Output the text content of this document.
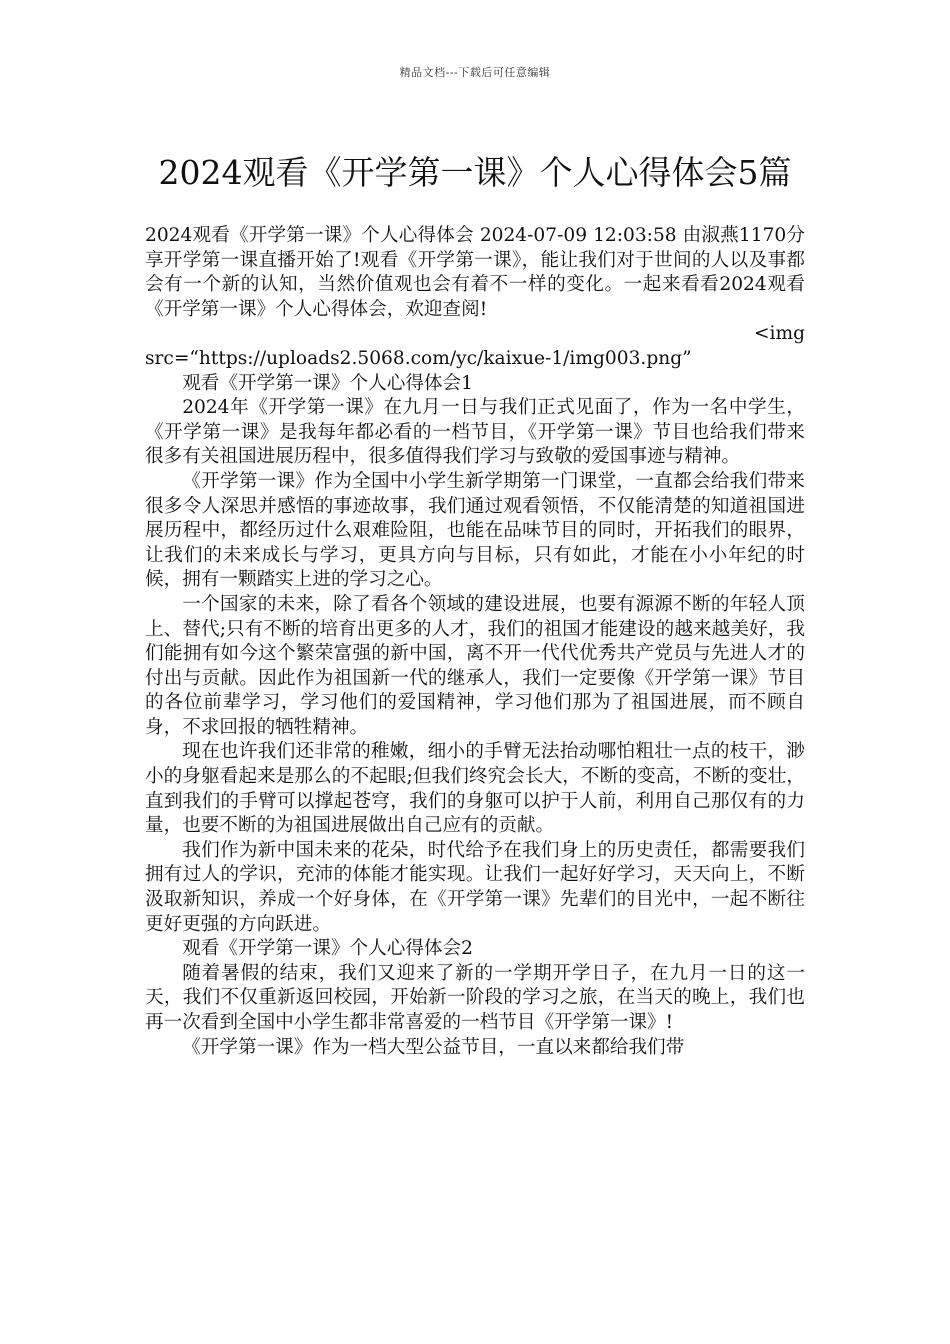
精品文档---下载后可任意编辑
2024观看《开学第一课》个人心得体会5篇

2024观看《开学第一课》个人心得体会 2024-07-09 12:03:58 由淑燕1170分享开学第一课直播开始了!观看《开学第一课》，能让我们对于世间的人以及事都会有一个新的认知，当然价值观也会有着不一样的变化。一起来看看2024观看《开学第一课》个人心得体会，欢迎查阅!

<img

src=“https://uploads2.5068.com/yc/kaixue-1/img003.png”

观看《开学第一课》个人心得体会1

2024年《开学第一课》在九月一日与我们正式见面了，作为一名中学生，《开学第一课》是我每年都必看的一档节目，《开学第一课》节目也给我们带来很多有关祖国进展历程中，很多值得我们学习与致敬的爱国事迹与精神。

《开学第一课》作为全国中小学生新学期第一门课堂，一直都会给我们带来很多令人深思并感悟的事迹故事，我们通过观看领悟，不仅能清楚的知道祖国进展历程中，都经历过什么艰难险阻，也能在品味节目的同时，开拓我们的眼界，让我们的未来成长与学习，更具方向与目标，只有如此，才能在小小年纪的时候，拥有一颗踏实上进的学习之心。

一个国家的未来，除了看各个领域的建设进展，也要有源源不断的年轻人顶上、替代;只有不断的培育出更多的人才，我们的祖国才能建设的越来越美好，我们能拥有如今这个繁荣富强的新中国，离不开一代代优秀共产党员与先进人才的付出与贡献。因此作为祖国新一代的继承人，我们一定要像《开学第一课》节目的各位前辈学习，学习他们的爱国精神，学习他们那为了祖国进展，而不顾自身，不求回报的牺牲精神。

现在也许我们还非常的稚嫩，细小的手臂无法抬动哪怕粗壮一点的枝干，渺小的身躯看起来是那么的不起眼;但我们终究会长大，不断的变高，不断的变壮，直到我们的手臂可以撑起苍穹，我们的身躯可以护于人前，利用自己那仅有的力量，也要不断的为祖国进展做出自己应有的贡献。

我们作为新中国未来的花朵，时代给予在我们身上的历史责任，都需要我们拥有过人的学识，充沛的体能才能实现。让我们一起好好学习，天天向上，不断汲取新知识，养成一个好身体，在《开学第一课》先辈们的目光中，一起不断往更好更强的方向跃进。

观看《开学第一课》个人心得体会2

随着暑假的结束，我们又迎来了新的一学期开学日子，在九月一日的这一天，我们不仅重新返回校园，开始新一阶段的学习之旅，在当天的晚上，我们也再一次看到全国中小学生都非常喜爱的一档节目《开学第一课》!

《开学第一课》作为一档大型公益节目，一直以来都给我们带
